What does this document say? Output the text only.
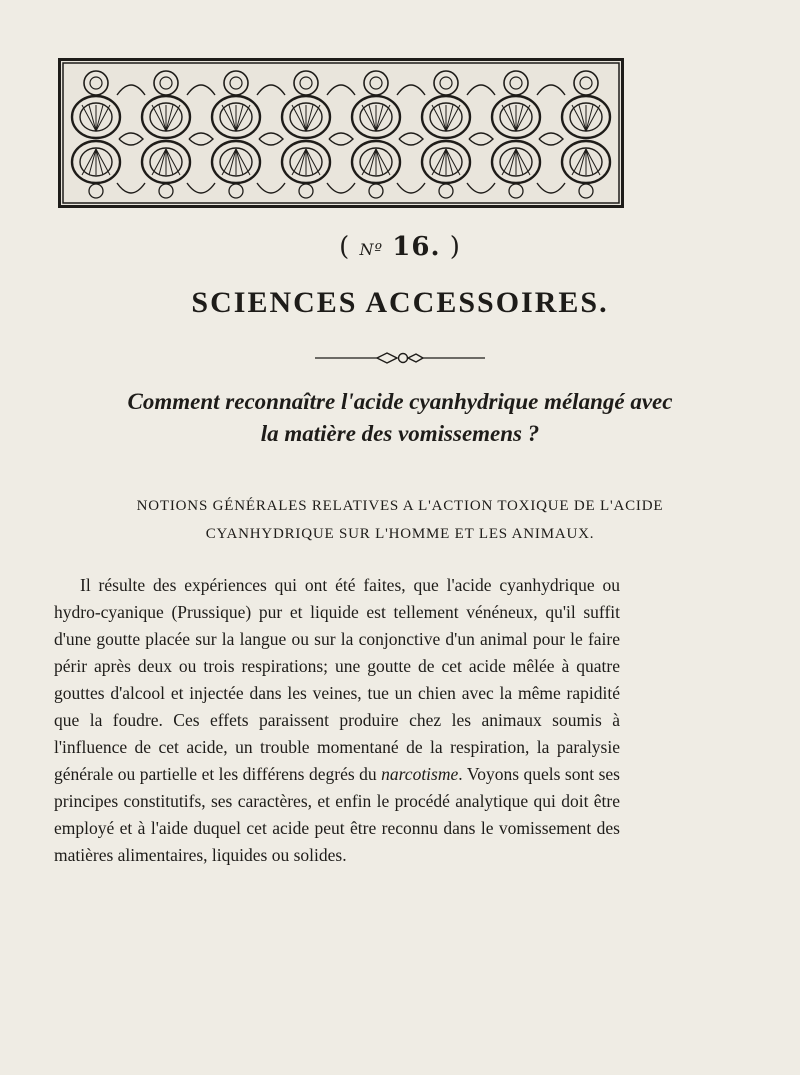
( Nº 16. )
SCIENCES ACCESSOIRES.
Comment reconnaître l'acide cyanhydrique mélangé avec
la matière des vomissemens ?
NOTIONS GÉNÉRALES RELATIVES A L'ACTION TOXIQUE DE L'ACIDE
CYANHYDRIQUE SUR L'HOMME ET LES ANIMAUX.

Il résulte des expériences qui ont été faites, que l'acide cyanhydrique ou hydro-cyanique (Prussique) pur et liquide est tellement vénéneux, qu'il suffit d'une goutte placée sur la langue ou sur la conjonctive d'un animal pour le faire périr après deux ou trois respirations; une goutte de cet acide mêlée à quatre gouttes d'alcool et injectée dans les veines, tue un chien avec la même rapidité que la foudre. Ces effets paraissent produire chez les animaux soumis à l'influence de cet acide, un trouble momentané de la respiration, la paralysie générale ou partielle et les différens degrés du narcotisme. Voyons quels sont ses principes constitutifs, ses caractères, et enfin le procédé analytique qui doit être employé et à l'aide duquel cet acide peut être reconnu dans le vomissement des matières alimentaires, liquides ou solides.
